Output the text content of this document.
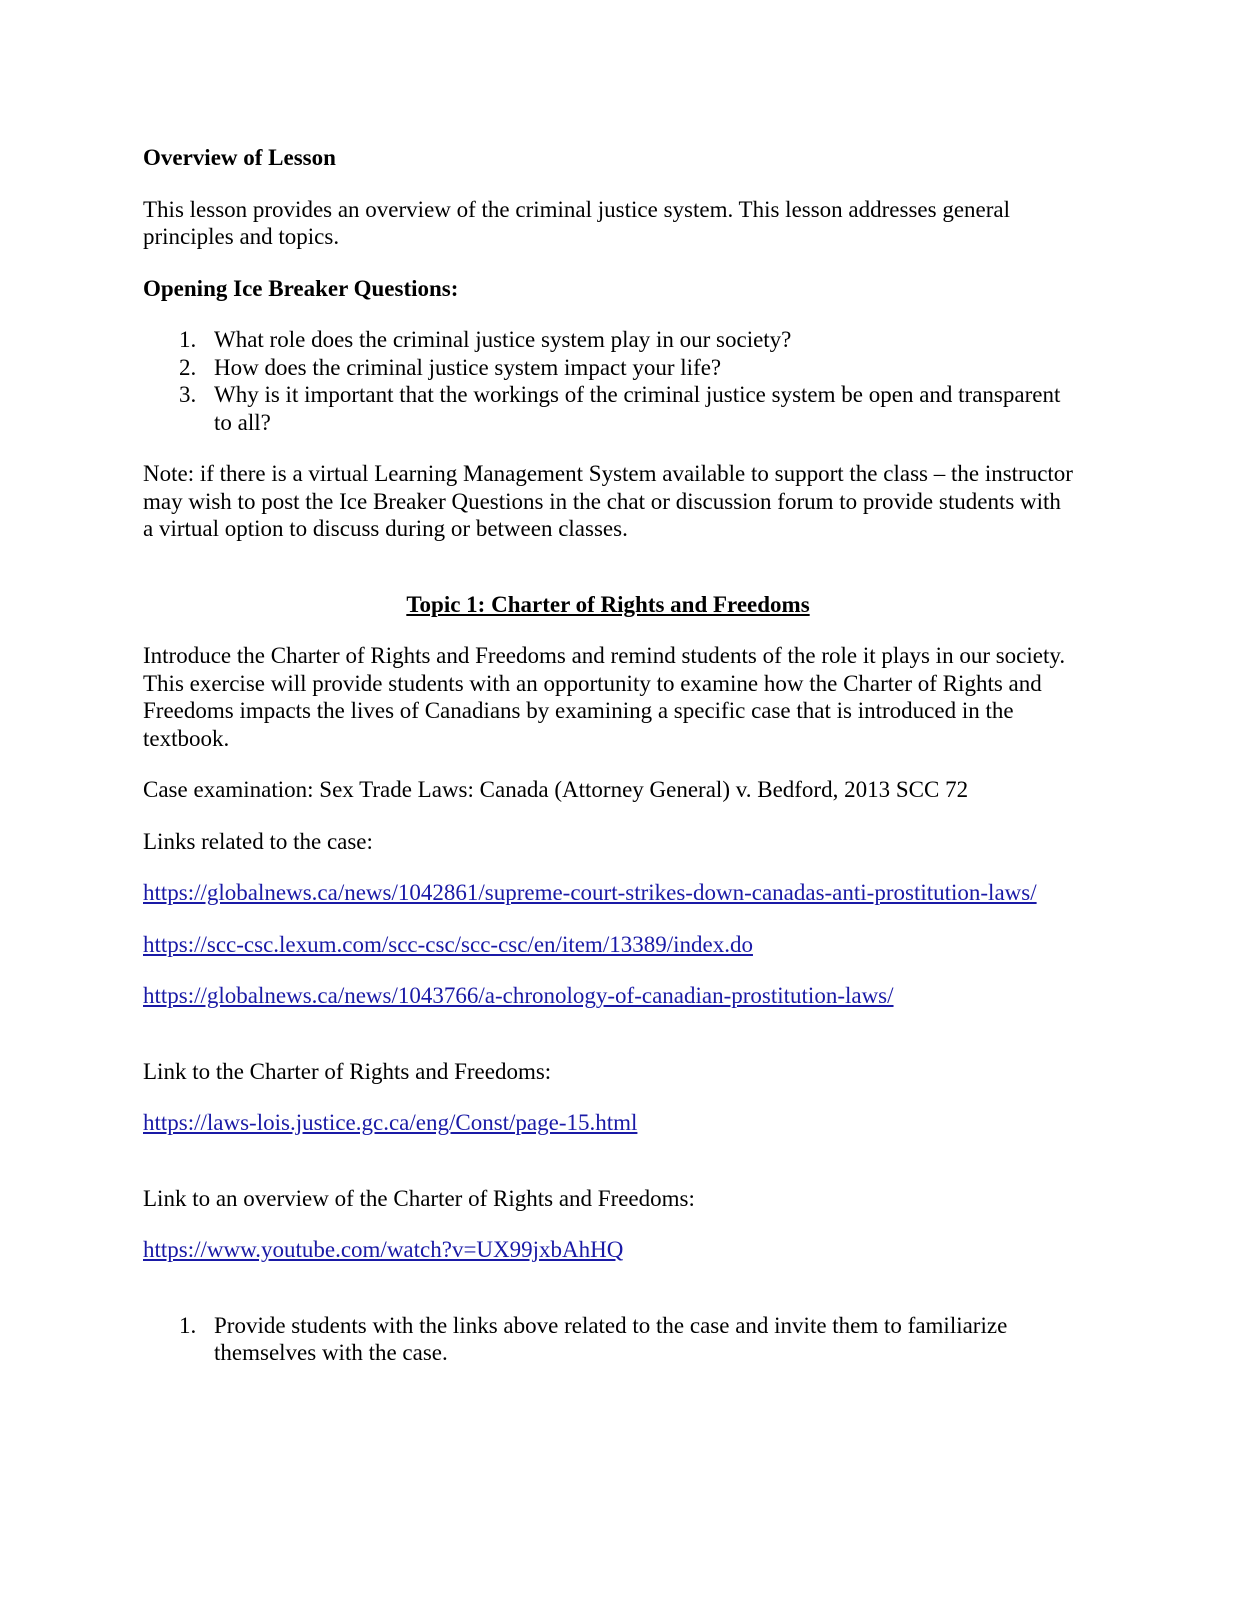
Overview of Lesson

This lesson provides an overview of the criminal justice system. This lesson addresses general principles and topics.

Opening Ice Breaker Questions:

1. What role does the criminal justice system play in our society?
2. How does the criminal justice system impact your life?
3. Why is it important that the workings of the criminal justice system be open and transparent to all?

Note: if there is a virtual Learning Management System available to support the class – the instructor may wish to post the Ice Breaker Questions in the chat or discussion forum to provide students with a virtual option to discuss during or between classes.

Topic 1: Charter of Rights and Freedoms

Introduce the Charter of Rights and Freedoms and remind students of the role it plays in our society. This exercise will provide students with an opportunity to examine how the Charter of Rights and Freedoms impacts the lives of Canadians by examining a specific case that is introduced in the textbook.

Case examination: Sex Trade Laws: Canada (Attorney General) v. Bedford, 2013 SCC 72

Links related to the case:

https://globalnews.ca/news/1042861/supreme-court-strikes-down-canadas-anti-prostitution-laws/

https://scc-csc.lexum.com/scc-csc/scc-csc/en/item/13389/index.do

https://globalnews.ca/news/1043766/a-chronology-of-canadian-prostitution-laws/

Link to the Charter of Rights and Freedoms:

https://laws-lois.justice.gc.ca/eng/Const/page-15.html

Link to an overview of the Charter of Rights and Freedoms:

https://www.youtube.com/watch?v=UX99jxbAhHQ

1. Provide students with the links above related to the case and invite them to familiarize themselves with the case.
